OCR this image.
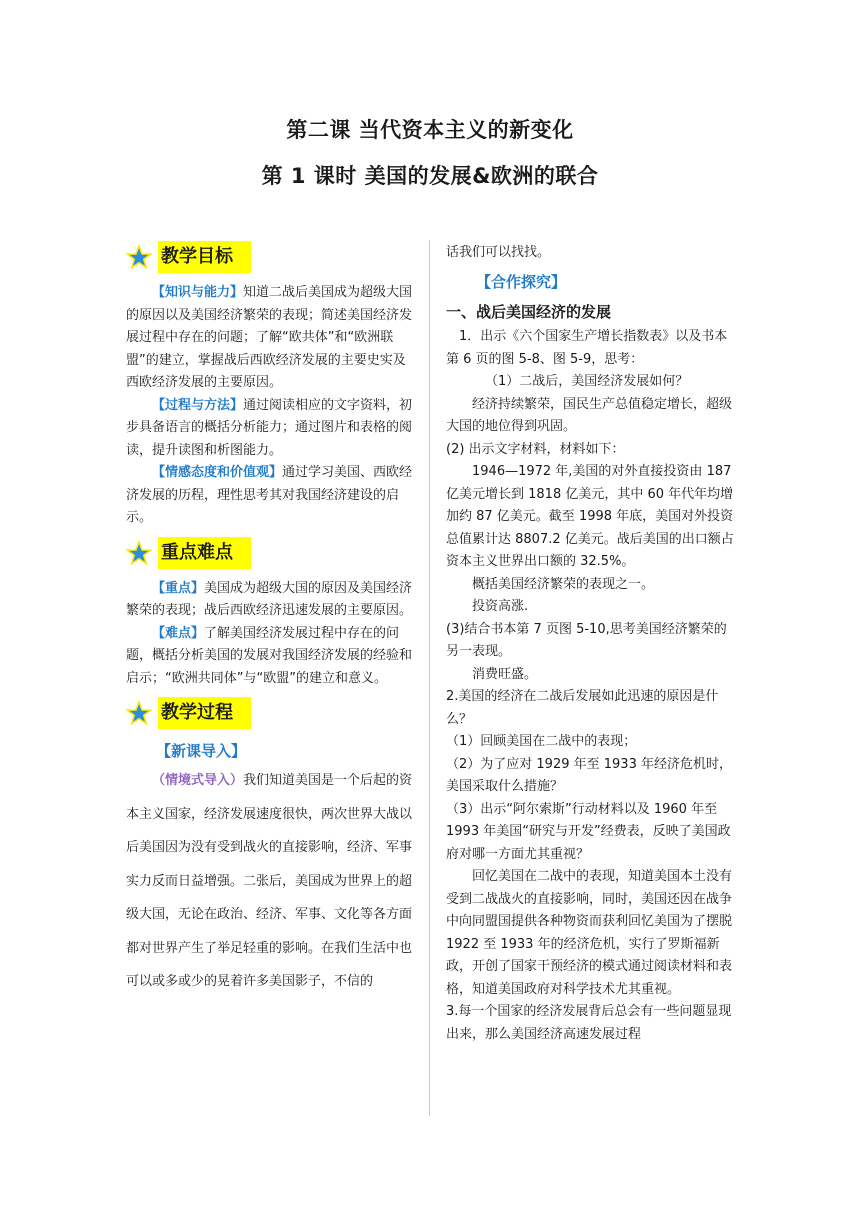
第二课 当代资本主义的新变化
第 1 课时 美国的发展&欧洲的联合
教学目标

【知识与能力】知道二战后美国成为超级大国的原因以及美国经济繁荣的表现；简述美国经济发展过程中存在的问题；了解“欧共体”和“欧洲联盟”的建立，掌握战后西欧经济发展的主要史实及西欧经济发展的主要原因。

【过程与方法】通过阅读相应的文字资料，初步具备语言的概括分析能力；通过图片和表格的阅读，提升读图和析图能力。

【情感态度和价值观】通过学习美国、西欧经济发展的历程，理性思考其对我国经济建设的启示。

重点难点

【重点】美国成为超级大国的原因及美国经济繁荣的表现；战后西欧经济迅速发展的主要原因。

【难点】了解美国经济发展过程中存在的问题，概括分析美国的发展对我国经济发展的经验和启示；“欧洲共同体”与“欧盟”的建立和意义。

教学过程

【新课导入】

（情境式导入）我们知道美国是一个后起的资本主义国家，经济发展速度很快，两次世界大战以后美国因为没有受到战火的直接影响，经济、军事实力反而日益增强。二张后，美国成为世界上的超级大国，无论在政治、经济、军事、文化等各方面都对世界产生了举足轻重的影响。在我们生活中也可以或多或少的晃着许多美国影子，不信的

话我们可以找找。

【合作探究】

一、战后美国经济的发展

1．出示《六个国家生产增长指数表》以及书本第 6 页的图 5-8、图 5-9，思考：

（1）二战后，美国经济发展如何？

经济持续繁荣，国民生产总值稳定增长，超级大国的地位得到巩固。

(2) 出示文字材料，材料如下：

1946—1972 年,美国的对外直接投资由 187 亿美元增长到 1818 亿美元，其中 60 年代年均增加约 87 亿美元。截至 1998 年底，美国对外投资总值累计达 8807.2 亿美元。战后美国的出口额占资本主义世界出口额的 32.5%。

概括美国经济繁荣的表现之一。

投资高涨.

(3)结合书本第 7 页图 5-10,思考美国经济繁荣的另一表现。

消费旺盛。

2.美国的经济在二战后发展如此迅速的原因是什么？

（1）回顾美国在二战中的表现；

（2）为了应对 1929 年至 1933 年经济危机时，美国采取什么措施？

（3）出示“阿尔索斯”行动材料以及 1960 年至 1993 年美国“研究与开发”经费表，反映了美国政府对哪一方面尤其重视？

回忆美国在二战中的表现，知道美国本土没有受到二战战火的直接影响，同时，美国还因在战争中向同盟国提供各种物资而获利回忆美国为了摆脱 1922 至 1933 年的经济危机，实行了罗斯福新政，开创了国家干预经济的模式通过阅读材料和表格，知道美国政府对科学技术尤其重视。

3.每一个国家的经济发展背后总会有一些问题显现出来，那么美国经济高速发展过程
